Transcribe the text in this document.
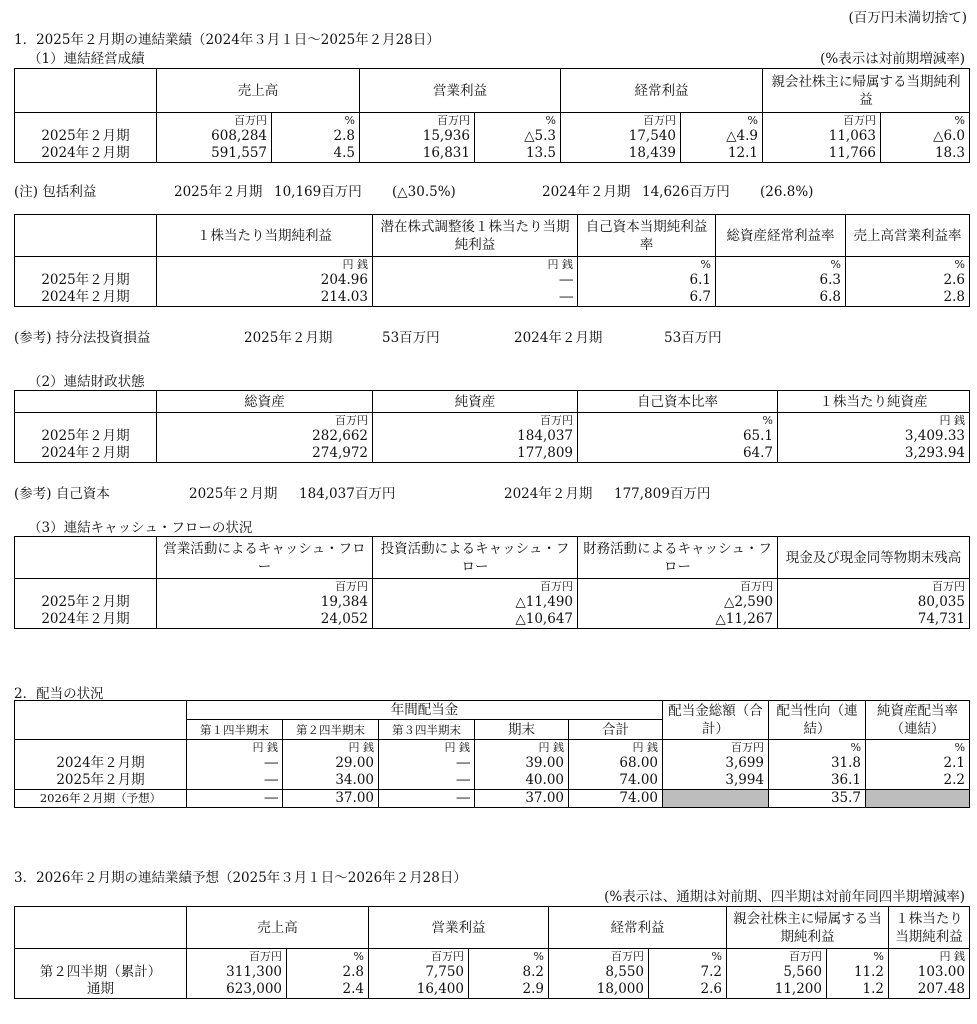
(百万円未満切捨て)
1．2025年２月期の連結業績（2024年３月１日～2025年２月28日）
（1）連結経営成績	(%表示は対前期増減率)
	売上高		営業利益		経常利益		親会社株主に帰属する当期純利益	
	百万円	%	百万円	%	百万円	%	百万円	%
2025年２月期	608,284	2.8	15,936	△5.3	17,540	△4.9	11,063	△6.0
2024年２月期	591,557	4.5	16,831	13.5	18,439	12.1	11,766	18.3
(注) 包括利益	2025年２月期 10,169百万円 (△30.5%)	2024年２月期 14,626百万円 (26.8%)
	１株当たり当期純利益	潜在株式調整後１株当たり当期純利益	自己資本当期純利益率	総資産経常利益率	売上高営業利益率
	円 銭	円 銭	%	%	%
2025年２月期	204.96	―	6.1	6.3	2.6
2024年２月期	214.03	―	6.7	6.8	2.8
(参考) 持分法投資損益	2025年２月期	53百万円	2024年２月期	53百万円
（2）連結財政状態
	総資産	純資産	自己資本比率	１株当たり純資産
	百万円	百万円	%	円 銭
2025年２月期	282,662	184,037	65.1	3,409.33
2024年２月期	274,972	177,809	64.7	3,293.94
(参考) 自己資本	2025年２月期 184,037百万円	2024年２月期 177,809百万円
（3）連結キャッシュ・フローの状況
	営業活動によるキャッシュ・フロー	投資活動によるキャッシュ・フロー	財務活動によるキャッシュ・フロー	現金及び現金同等物期末残高
	百万円	百万円	百万円	百万円
2025年２月期	19,384	△11,490	△2,590	80,035
2024年２月期	24,052	△10,647	△11,267	74,731
2．配当の状況
	年間配当金					配当金総額（合計）	配当性向（連結）	純資産配当率（連結）
	第１四半期末	第２四半期末	第３四半期末	期末	合計			
	円 銭	円 銭	円 銭	円 銭	円 銭	百万円	%	%
2024年２月期	―	29.00	―	39.00	68.00	3,699	31.8	2.1
2025年２月期	―	34.00	―	40.00	74.00	3,994	36.1	2.2
2026年２月期（予想）	―	37.00	―	37.00	74.00		35.7	
3．2026年２月期の連結業績予想（2025年３月１日～2026年２月28日）
(%表示は、通期は対前期、四半期は対前年同四半期増減率)
	売上高		営業利益		経常利益		親会社株主に帰属する当期純利益		１株当たり当期純利益
	百万円	%	百万円	%	百万円	%	百万円	%	円 銭
第２四半期（累計）	311,300	2.8	7,750	8.2	8,550	7.2	5,560	11.2	103.00
通期	623,000	2.4	16,400	2.9	18,000	2.6	11,200	1.2	207.48
